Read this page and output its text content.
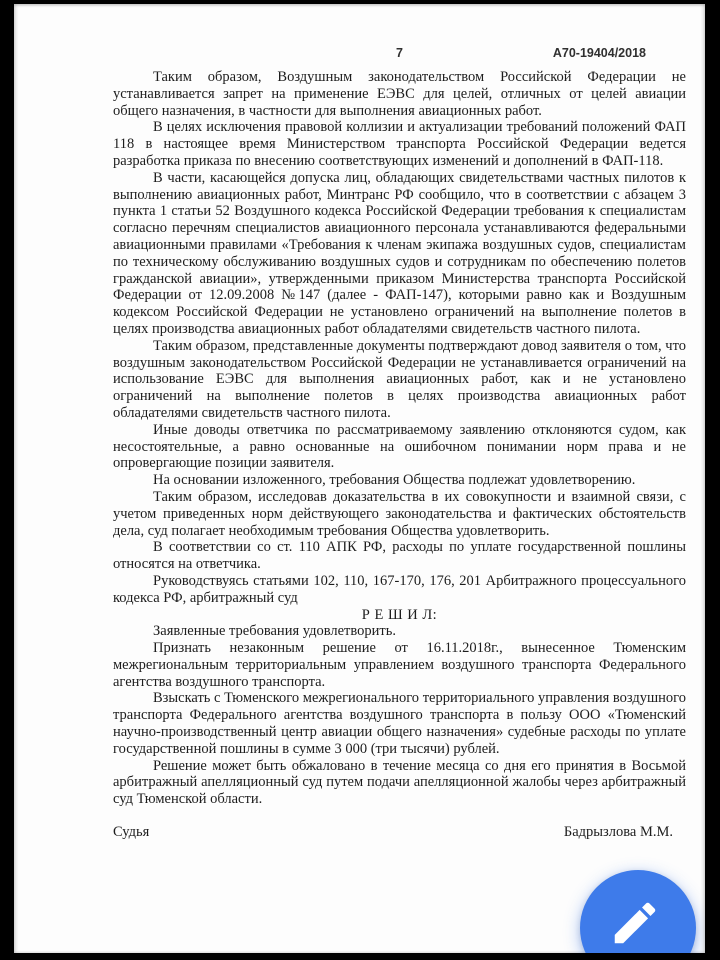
7	А70-19404/2018

Таким образом, Воздушным законодательством Российской Федерации не устанавливается запрет на применение ЕЭВС для целей, отличных от целей авиации общего назначения, в частности для выполнения авиационных работ.

В целях исключения правовой коллизии и актуализации требований положений ФАП 118 в настоящее время Министерством транспорта Российской Федерации ведется разработка приказа по внесению соответствующих изменений и дополнений в ФАП-118.

В части, касающейся допуска лиц, обладающих свидетельствами частных пилотов к выполнению авиационных работ, Минтранс РФ сообщило, что в соответствии с абзацем 3 пункта 1 статьи 52 Воздушного кодекса Российской Федерации требования к специалистам согласно перечням специалистов авиационного персонала устанавливаются федеральными авиационными правилами «Требования к членам экипажа воздушных судов, специалистам по техническому обслуживанию воздушных судов и сотрудникам по обеспечению полетов гражданской авиации», утвержденными приказом Министерства транспорта Российской Федерации от 12.09.2008 №147 (далее - ФАП-147), которыми равно как и Воздушным кодексом Российской Федерации не установлено ограничений на выполнение полетов в целях производства авиационных работ обладателями свидетельств частного пилота.

Таким образом, представленные документы подтверждают довод заявителя о том, что воздушным законодательством Российской Федерации не устанавливается ограничений на использование ЕЭВС для выполнения авиационных работ, как и не установлено ограничений на выполнение полетов в целях производства авиационных работ обладателями свидетельств частного пилота.

Иные доводы ответчика по рассматриваемому заявлению отклоняются судом, как несостоятельные, а равно основанные на ошибочном понимании норм права и не опровергающие позиции заявителя.

На основании изложенного, требования Общества подлежат удовлетворению.

Таким образом, исследовав доказательства в их совокупности и взаимной связи, с учетом приведенных норм действующего законодательства и фактических обстоятельств дела, суд полагает необходимым требования Общества удовлетворить.

В соответствии со ст. 110 АПК РФ, расходы по уплате государственной пошлины относятся на ответчика.

Руководствуясь статьями 102, 110, 167-170, 176, 201 Арбитражного процессуального кодекса РФ, арбитражный суд

Р Е Ш И Л:

Заявленные требования удовлетворить.

Признать незаконным решение от 16.11.2018г., вынесенное Тюменским межрегиональным территориальным управлением воздушного транспорта Федерального агентства воздушного транспорта.

Взыскать с Тюменского межрегионального территориального управления воздушного транспорта Федерального агентства воздушного транспорта в пользу ООО «Тюменский научно-производственный центр авиации общего назначения» судебные расходы по уплате государственной пошлины в сумме 3 000 (три тысячи) рублей.

Решение может быть обжаловано в течение месяца со дня его принятия в Восьмой арбитражный апелляционный суд путем подачи апелляционной жалобы через арбитражный суд Тюменской области.

Судья	Бадрызлова М.М.
